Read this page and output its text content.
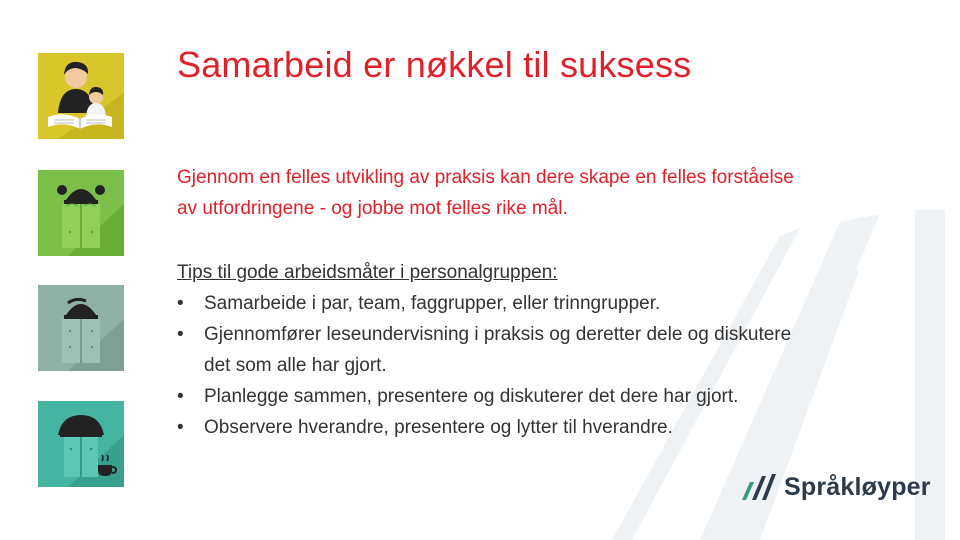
Samarbeid er nøkkel til suksess

Gjennom en felles utvikling av praksis kan dere skape en felles forståelse av utfordringene - og jobbe mot felles rike mål.

Tips til gode arbeidsmåter i personalgruppen:

• Samarbeide i par, team, faggrupper, eller trinngrupper.
• Gjennomfører leseundervisning i praksis og deretter dele og diskutere det som alle har gjort.
• Planlegge sammen, presentere og diskuterer det dere har gjort.
• Observere hverandre, presentere og lytter til hverandre.
Språkløyper
